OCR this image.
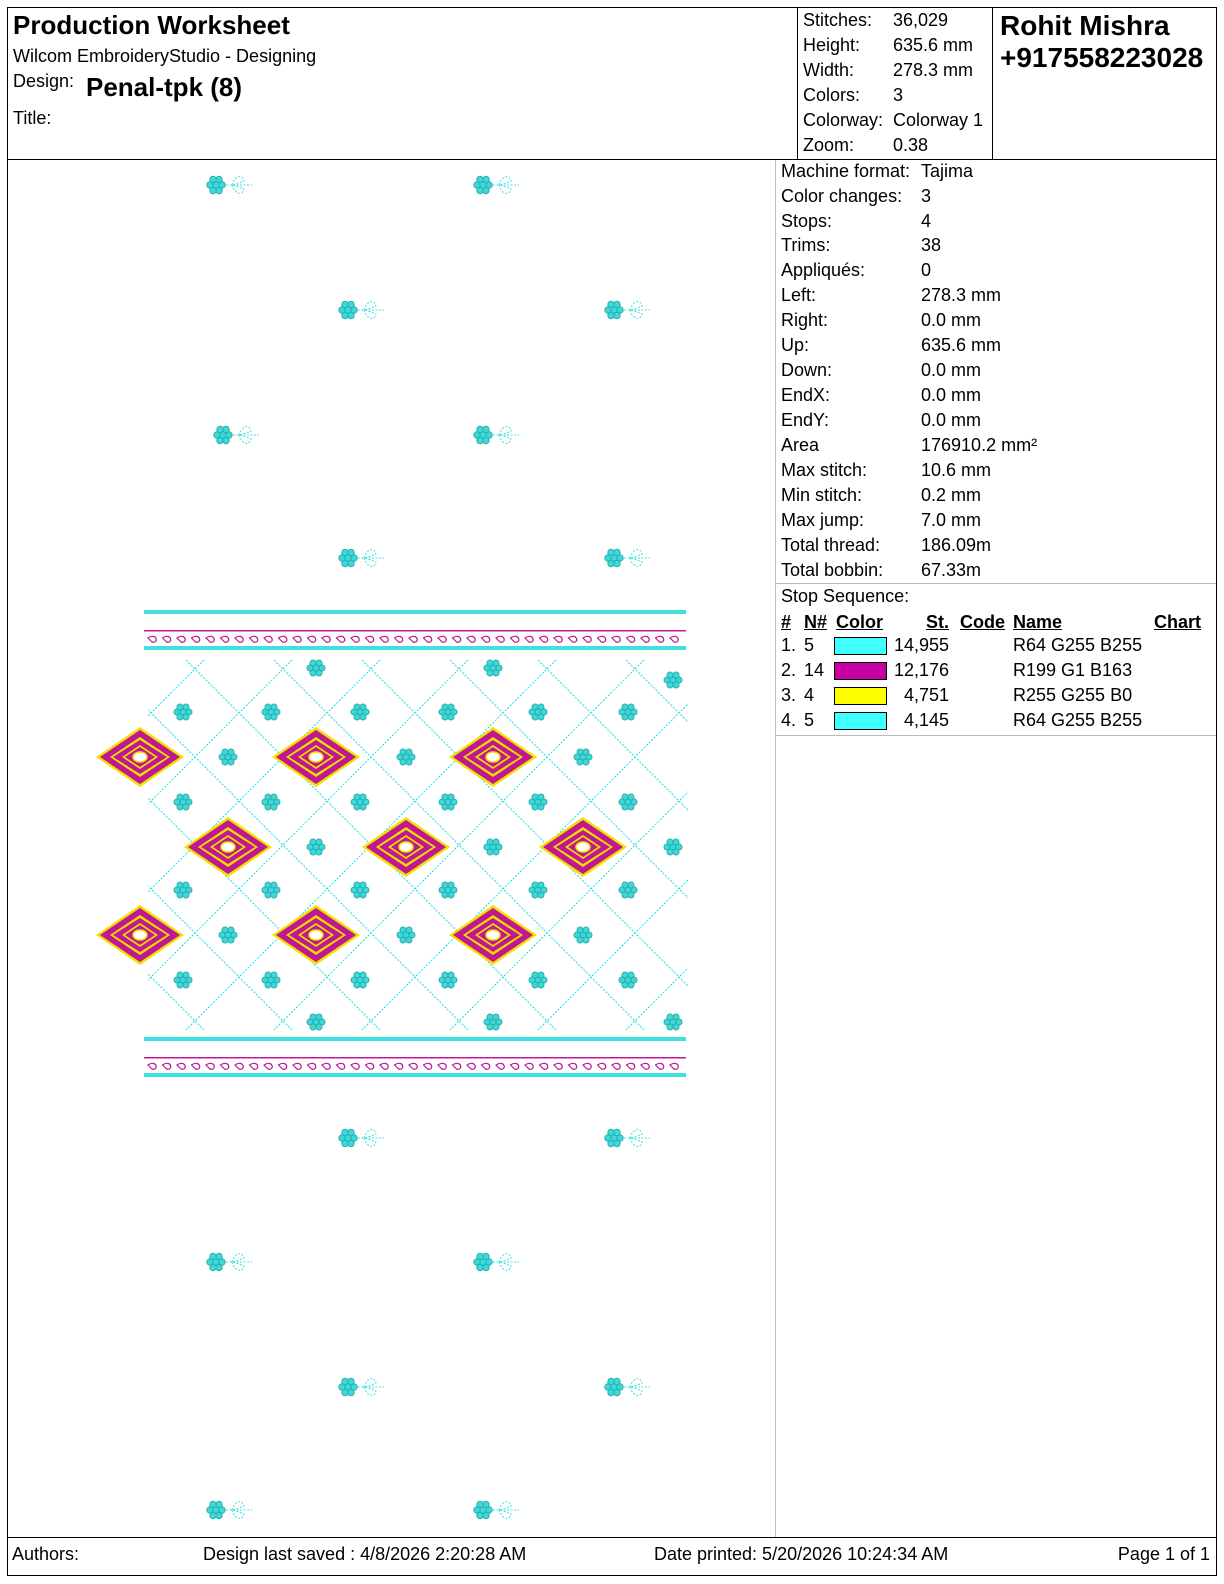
Production Worksheet
Wilcom EmbroideryStudio - Designing
Design: Penal-tpk (8)
Title:
Stitches: 36,029
Height: 635.6 mm
Width: 278.3 mm
Colors: 3
Colorway: Colorway 1
Zoom: 0.38
Rohit Mishra
+917558223028
Machine format: Tajima
Color changes: 3
Stops:	4
Trims:	38
Appliqués:	0
Left:	278.3 mm
Right:	0.0 mm
Up:	635.6 mm
Down:	0.0 mm
EndX:	0.0 mm
EndY:	0.0 mm
Area	176910.2 mm²
Max stitch:	10.6 mm
Min stitch:	0.2 mm
Max jump:	7.0 mm
Total thread: 186.09m
Total bobbin: 67.33m
Stop Sequence:
# N# Color St. Code Name	Chart
1. 5	14,955	R64 G255 B255
2. 14	12,176	R199 G1 B163
3. 4	4,751	R255 G255 B0
4. 5	4,145	R64 G255 B255
Authors:	Design last saved : 4/8/2026 2:20:28 AM	Date printed: 5/20/2026 10:24:34 AM	Page 1 of 1
